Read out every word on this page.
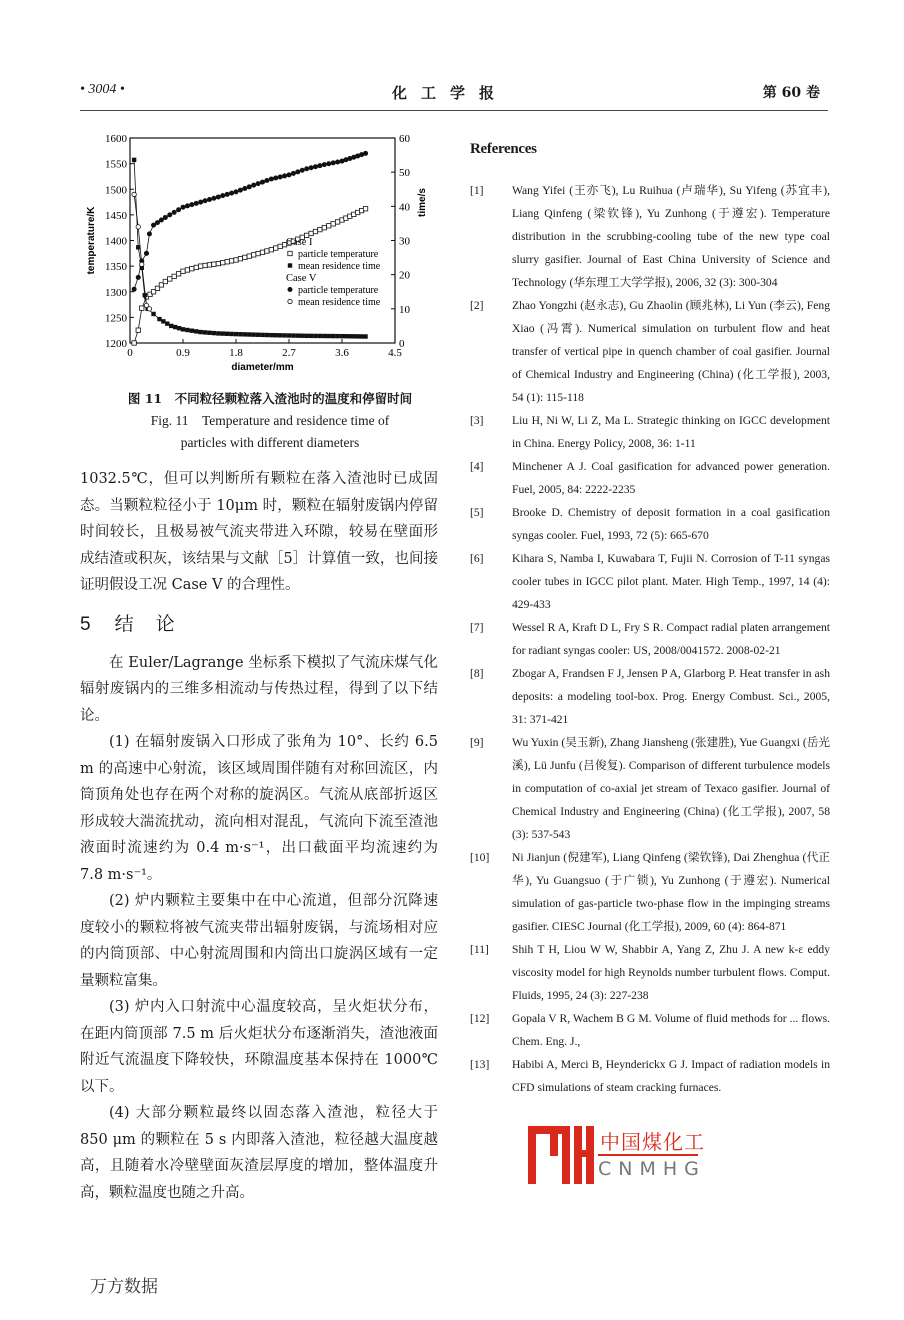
• 3004 •	化工学报	第 60 卷
0	0.9	1.8	2.7	3.6	4.5
1200
1250
1300
1350
1400
1450
1500
1550
1600
0
10
20
30
40
50
60
diameter/mm
temperature/K
time/s
Case I
particle temperature
mean residence time
Case V
particle temperature
mean residence time
图 11　不同粒径颗粒落入渣池时的温度和停留时间
Fig. 11　Temperature and residence time of
particles with different diameters

1032.5℃，但可以判断所有颗粒在落入渣池时已成固态。当颗粒粒径小于 10μm 时，颗粒在辐射废锅内停留时间较长，且极易被气流夹带进入环隙，较易在壁面形成结渣或积灰，该结果与文献［5］计算值一致，也间接证明假设工况 Case V 的合理性。

5 结论

在 Euler/Lagrange 坐标系下模拟了气流床煤气化辐射废锅内的三维多相流动与传热过程，得到了以下结论。

(1) 在辐射废锅入口形成了张角为 10°、长约 6.5 m 的高速中心射流，该区域周围伴随有对称回流区，内筒顶角处也存在两个对称的旋涡区。气流从底部折返区形成较大湍流扰动，流向相对混乱，气流向下流至渣池液面时流速约为 0.4 m·s⁻¹，出口截面平均流速约为 7.8 m·s⁻¹。

(2) 炉内颗粒主要集中在中心流道，但部分沉降速度较小的颗粒将被气流夹带出辐射废锅，与流场相对应的内筒顶部、中心射流周围和内筒出口旋涡区域有一定量颗粒富集。

(3) 炉内入口射流中心温度较高，呈火炬状分布，在距内筒顶部 7.5 m 后火炬状分布逐渐消失，渣池液面附近气流温度下降较快，环隙温度基本保持在 1000℃以下。

(4) 大部分颗粒最终以固态落入渣池，粒径大于 850 μm 的颗粒在 5 s 内即落入渣池，粒径越大温度越高，且随着水冷壁壁面灰渣层厚度的增加，整体温度升高，颗粒温度也随之升高。

References
[1] Wang Yifei (王亦飞), Lu Ruihua (卢瑞华), Su Yifeng (苏宜丰), Liang Qinfeng (梁钦锋), Yu Zunhong (于遵宏). Temperature distribution in the scrubbing-cooling tube of the new type coal slurry gasifier. Journal of East China University of Science and Technology (华东理工大学学报), 2006, 32 (3): 300-304
[2] Zhao Yongzhi (赵永志), Gu Zhaolin (顾兆林), Li Yun (李云), Feng Xiao (冯霄). Numerical simulation on turbulent flow and heat transfer of vertical pipe in quench chamber of coal gasifier. Journal of Chemical Industry and Engineering (China) (化工学报), 2003, 54 (1): 115-118
[3] Liu H, Ni W, Li Z, Ma L. Strategic thinking on IGCC development in China. Energy Policy, 2008, 36: 1-11
[4] Minchener A J. Coal gasification for advanced power generation. Fuel, 2005, 84: 2222-2235
[5] Brooke D. Chemistry of deposit formation in a coal gasification syngas cooler. Fuel, 1993, 72 (5): 665-670
[6] Kihara S, Namba I, Kuwabara T, Fujii N. Corrosion of T-11 syngas cooler tubes in IGCC pilot plant. Mater. High Temp., 1997, 14 (4): 429-433
[7] Wessel R A, Kraft D L, Fry S R. Compact radial platen arrangement for radiant syngas cooler: US, 2008/0041572. 2008-02-21
[8] Zbogar A, Frandsen F J, Jensen P A, Glarborg P. Heat transfer in ash deposits: a modeling tool-box. Prog. Energy Combust. Sci., 2005, 31: 371-421
[9] Wu Yuxin (吴玉新), Zhang Jiansheng (张建胜), Yue Guangxi (岳光溪), Lü Junfu (吕俊复). Comparison of different turbulence models in computation of co-axial jet stream of Texaco gasifier. Journal of Chemical Industry and Engineering (China) (化工学报), 2007, 58 (3): 537-543
[10] Ni Jianjun (倪建军), Liang Qinfeng (梁钦锋), Dai Zhenghua (代正华), Yu Guangsuo (于广锁), Yu Zunhong (于遵宏). Numerical simulation of gas-particle two-phase flow in the impinging streams gasifier. CIESC Journal (化工学报), 2009, 60 (4): 864-871
[11] Shih T H, Liou W W, Shabbir A, Yang Z, Zhu J. A new k-ε eddy viscosity model for high Reynolds number turbulent flows. Comput. Fluids, 1995, 24 (3): 227-238
[12] Gopala V R, Wachem B G M. Volume of fluid methods for ... flows. Chem. Eng. J.,
[13] Habibi A, Merci B, Heynderickx G J. Impact of radiation models in CFD simulations of steam cracking furnaces.
中国煤化工
CNMHG
万方数据
